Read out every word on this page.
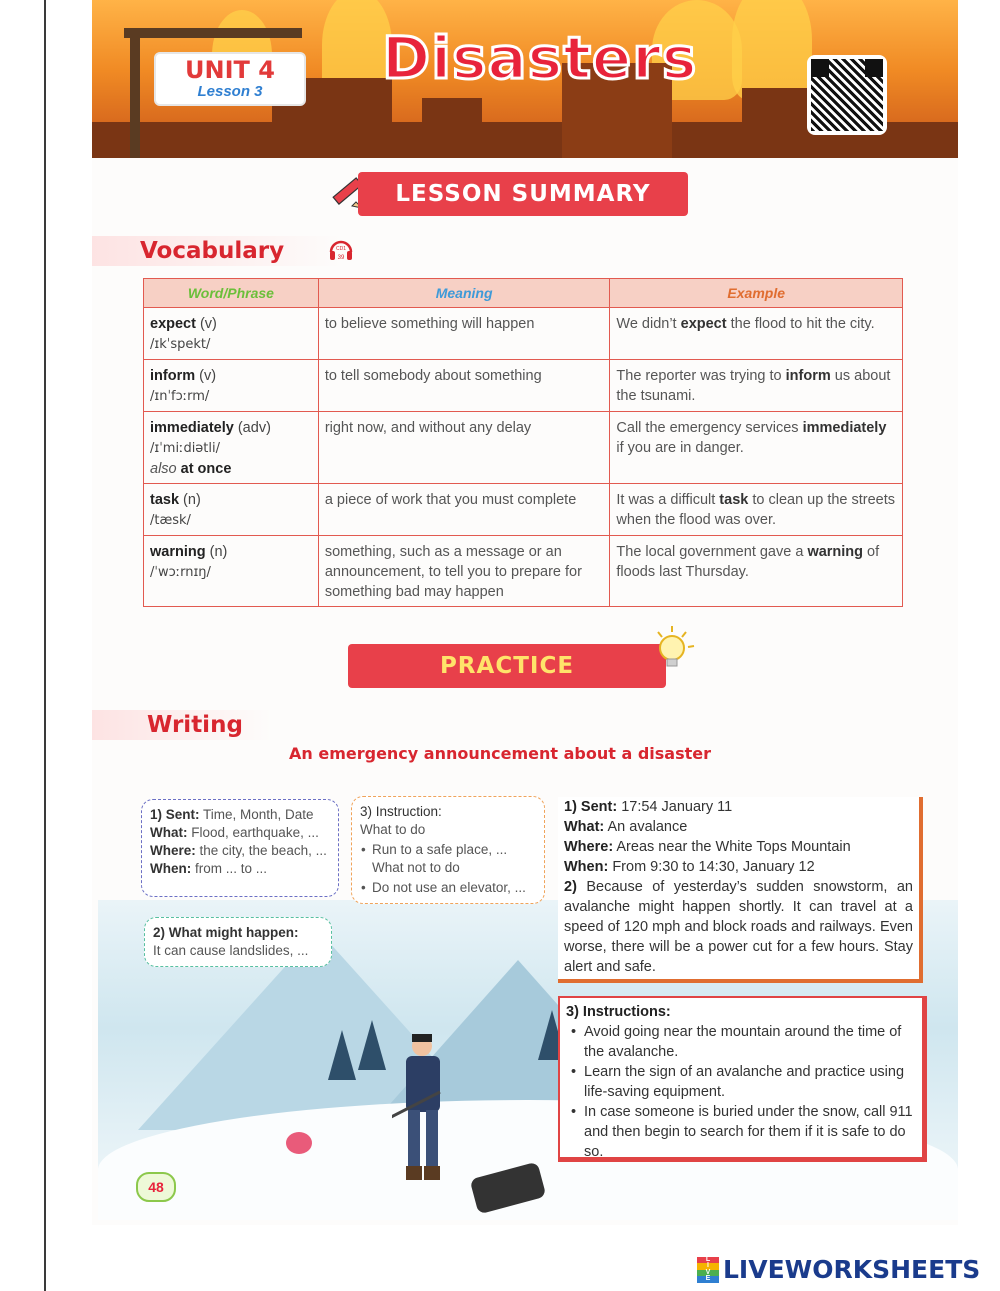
UNIT 4
Lesson 3	Disasters
LESSON SUMMARY
Vocabulary	CD1
39
Word/Phrase	Meaning	Example
expect (v)
/ɪkˈspekt/	to believe something will happen	We didn’t expect the flood to hit the city.
inform (v)
/ɪnˈfɔːrm/	to tell somebody about something	The reporter was trying to inform us about the tsunami.
immediately (adv)
/ɪˈmiːdiətli/
also at once	right now, and without any delay	Call the emergency services immediately if you are in danger.
task (n)
/tæsk/	a piece of work that you must complete	It was a difficult task to clean up the streets when the flood was over.
warning (n)
/ˈwɔːrnɪŋ/	something, such as a message or an announcement, to tell you to prepare for something bad may happen	The local government gave a warning of floods last Thursday.
PRACTICE
Writing
An emergency announcement about a disaster
48
1) Sent: Time, Month, Date
What: Flood, earthquake, ...
Where: the city, the beach, ...
When: from ... to ...
3) Instruction:
What to do
• Run to a safe place, ...
What not to do
• Do not use an elevator, ...
2) What might happen:
It can cause landslides, ...
1) Sent: 17:54 January 11
What: An avalance
Where: Areas near the White Tops Mountain
When: From 9:30 to 14:30, January 12
2) Because of yesterday’s sudden snowstorm, an avalanche might happen shortly. It can travel at a speed of 120 mph and block roads and railways. Even worse, there will be a power cut for a few hours. Stay alert and safe.
3) Instructions:
• Avoid going near the mountain around the time of the avalanche.
• Learn the sign of an avalanche and practice using life-saving equipment.
• In case someone is buried under the snow, call 911 and then begin to search for them if it is safe to do so.
L
I
V
E LIVEWORKSHEETS
